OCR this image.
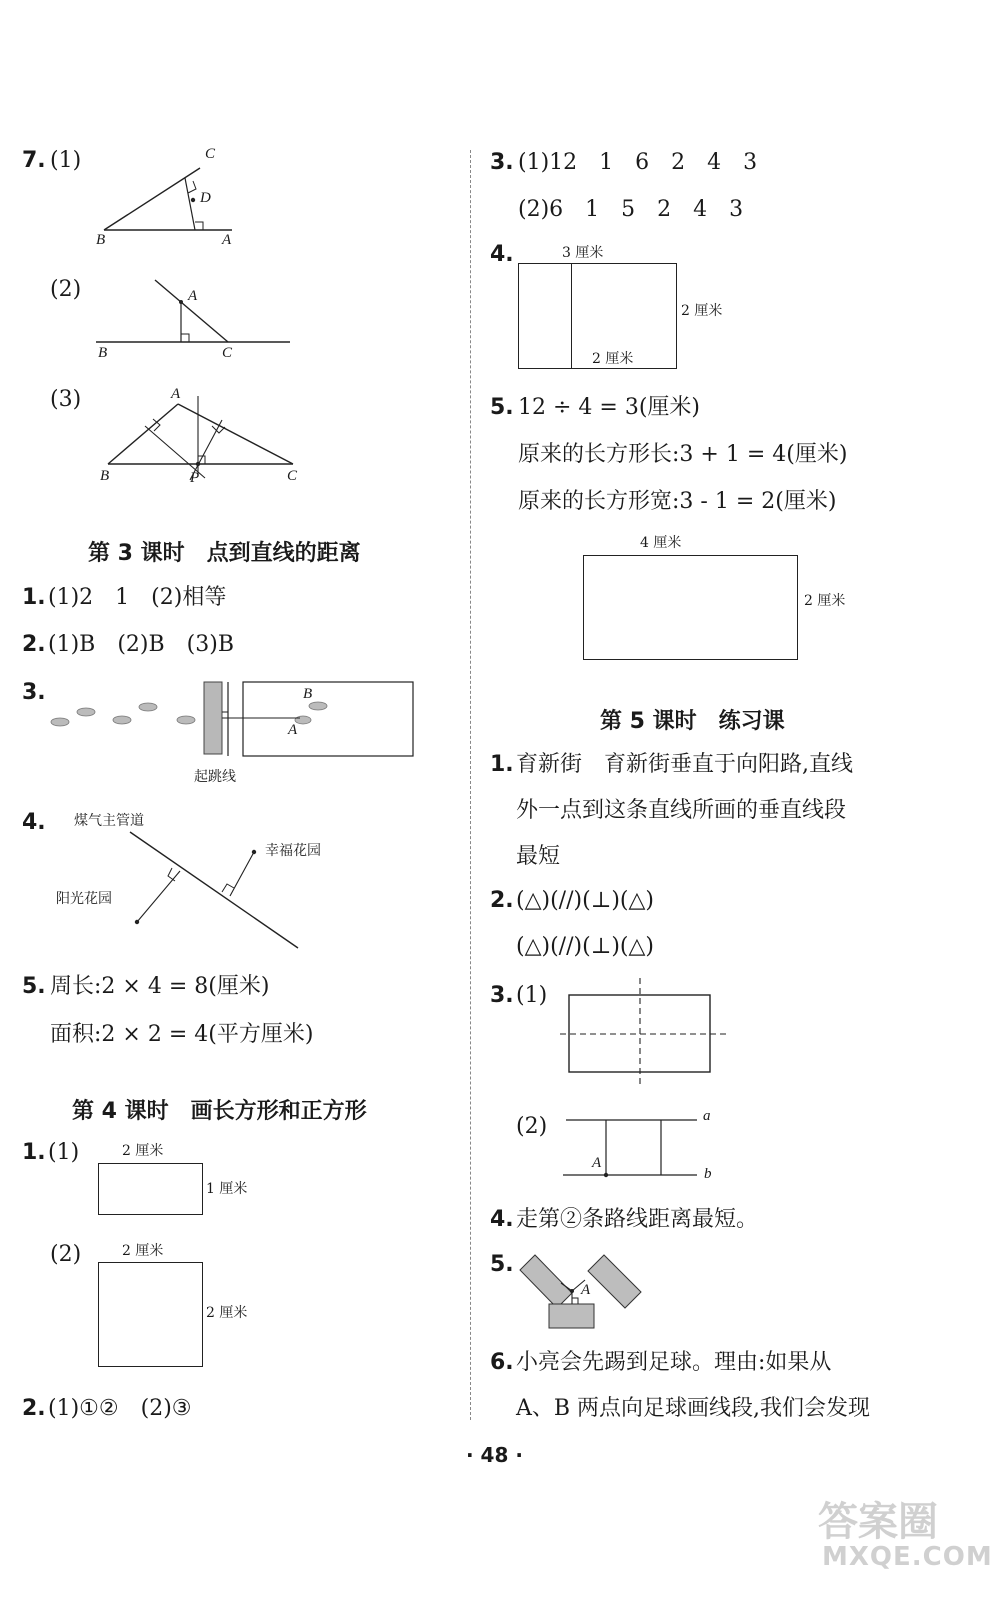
7. (1)	C
D
B	A
(2)	A
B	C
(3)	A
B	C
P
第 3 课时　点到直线的距离
1. (1)2　1　(2)相等
2. (1)B　(2)B　(3)B
3.	B
A
起跳线
4. 煤气主管道
幸福花园
阳光花园
5. 周长:2 × 4 = 8(厘米)
面积:2 × 2 = 4(平方厘米)
第 4 课时　画长方形和正方形
1. (1)	2 厘米
1 厘米
(2)	2 厘米
2 厘米
2. (1)①②　(2)③
3. (1)12　1　6　2　4　3
(2)6　1　5　2　4　3
4.	3 厘米
2 厘米
2 厘米
5. 12 ÷ 4 = 3(厘米)
原来的长方形长:3 + 1 = 4(厘米)
原来的长方形宽:3 - 1 = 2(厘米)
4 厘米
2 厘米
第 5 课时　练习课
1. 育新街　育新街垂直于向阳路,直线
外一点到这条直线所画的垂直线段
最短
2. (△)(//)(⊥)(△)
(△)(//)(⊥)(△)
3. (1)
(2)	a
b
A
4. 走第②条路线距离最短。
5.
A
6. 小亮会先踢到足球。理由:如果从
A、B 两点向足球画线段,我们会发现
· 48 ·
答案圈
MXQE.COM
